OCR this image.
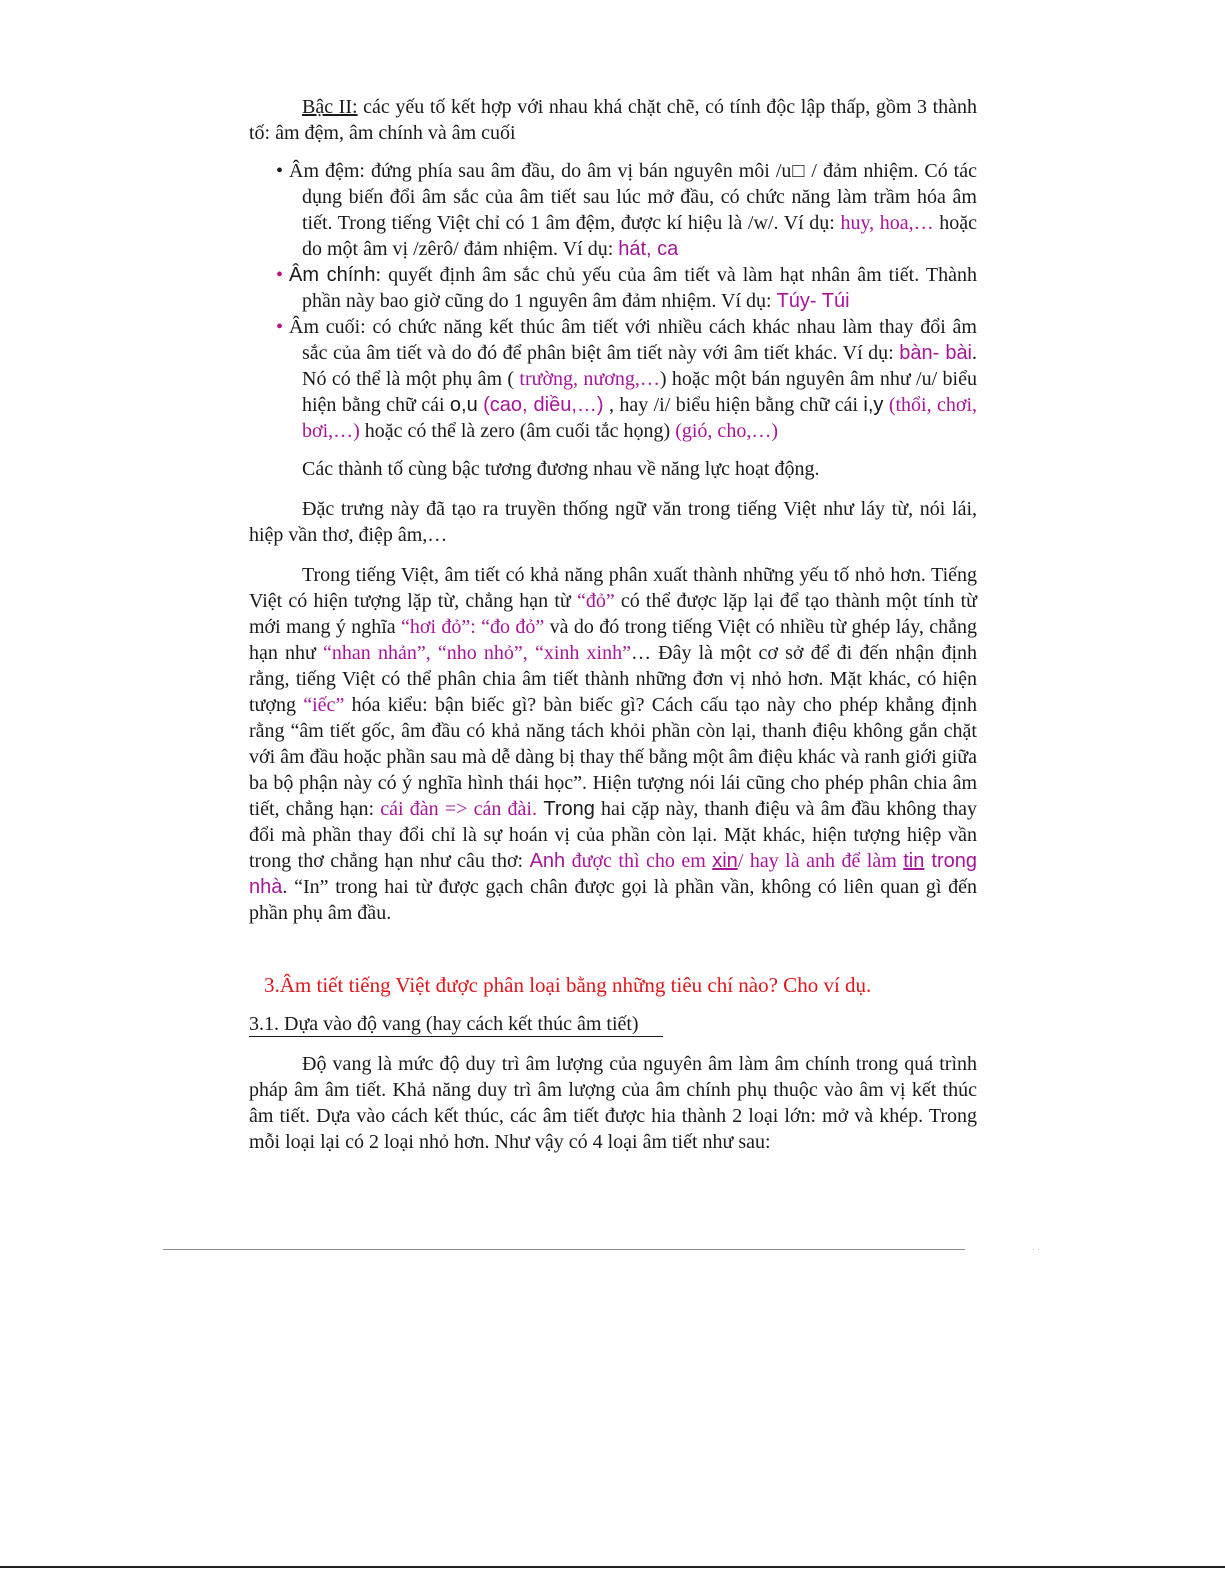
Bậc II: các yếu tố kết hợp với nhau khá chặt chẽ, có tính độc lập thấp, gồm 3 thành tố: âm đệm, âm chính và âm cuối

• Âm đệm: đứng phía sau âm đầu, do âm vị bán nguyên môi /u□ / đảm nhiệm. Có tác dụng biến đổi âm sắc của âm tiết sau lúc mở đầu, có chức năng làm trầm hóa âm tiết. Trong tiếng Việt chỉ có 1 âm đệm, được kí hiệu là /w/. Ví dụ: huy, hoa,… hoặc do một âm vị /zêrô/ đảm nhiệm. Ví dụ: hát, ca
• Âm chính: quyết định âm sắc chủ yếu của âm tiết và làm hạt nhân âm tiết. Thành phần này bao giờ cũng do 1 nguyên âm đảm nhiệm. Ví dụ: Túy- Túi
• Âm cuối: có chức năng kết thúc âm tiết với nhiều cách khác nhau làm thay đổi âm sắc của âm tiết và do đó để phân biệt âm tiết này với âm tiết khác. Ví dụ: bàn- bài. Nó có thể là một phụ âm ( trường, nương,…) hoặc một bán nguyên âm như /u/ biểu hiện bằng chữ cái o,u (cao, diều,…) , hay /i/ biểu hiện bằng chữ cái i,y (thổi, chơi, bơi,…) hoặc có thể là zero (âm cuối tắc họng) (gió, cho,…)

Các thành tố cùng bậc tương đương nhau về năng lực hoạt động.

Đặc trưng này đã tạo ra truyền thống ngữ văn trong tiếng Việt như láy từ, nói lái, hiệp vần thơ, điệp âm,…

Trong tiếng Việt, âm tiết có khả năng phân xuất thành những yếu tố nhỏ hơn. Tiếng Việt có hiện tượng lặp từ, chẳng hạn từ “đỏ” có thể được lặp lại để tạo thành một tính từ mới mang ý nghĩa “hơi đỏ”: “đo đỏ” và do đó trong tiếng Việt có nhiều từ ghép láy, chẳng hạn như “nhan nhản”, “nho nhỏ”, “xinh xinh”… Đây là một cơ sở để đi đến nhận định rằng, tiếng Việt có thể phân chia âm tiết thành những đơn vị nhỏ hơn. Mặt khác, có hiện tượng “iếc” hóa kiểu: bận biếc gì? bàn biếc gì? Cách cấu tạo này cho phép khẳng định rằng “âm tiết gốc, âm đầu có khả năng tách khỏi phần còn lại, thanh điệu không gắn chặt với âm đầu hoặc phần sau mà dễ dàng bị thay thế bằng một âm điệu khác và ranh giới giữa ba bộ phận này có ý nghĩa hình thái học”. Hiện tượng nói lái cũng cho phép phân chia âm tiết, chẳng hạn: cái đàn => cán đài. Trong hai cặp này, thanh điệu và âm đầu không thay đổi mà phần thay đổi chỉ là sự hoán vị của phần còn lại. Mặt khác, hiện tượng hiệp vần trong thơ chẳng hạn như câu thơ: Anh được thì cho em xin/ hay là anh để làm tin trong nhà. “In” trong hai từ được gạch chân được gọi là phần vần, không có liên quan gì đến phần phụ âm đầu.

3.Âm tiết tiếng Việt được phân loại bằng những tiêu chí nào? Cho ví dụ.

3.1. Dựa vào độ vang (hay cách kết thúc âm tiết)

Độ vang là mức độ duy trì âm lượng của nguyên âm làm âm chính trong quá trình pháp âm âm tiết. Khả năng duy trì âm lượng của âm chính phụ thuộc vào âm vị kết thúc âm tiết. Dựa vào cách kết thúc, các âm tiết được hia thành 2 loại lớn: mở và khép. Trong mỗi loại lại có 2 loại nhỏ hơn. Như vậy có 4 loại âm tiết như sau:

. .
